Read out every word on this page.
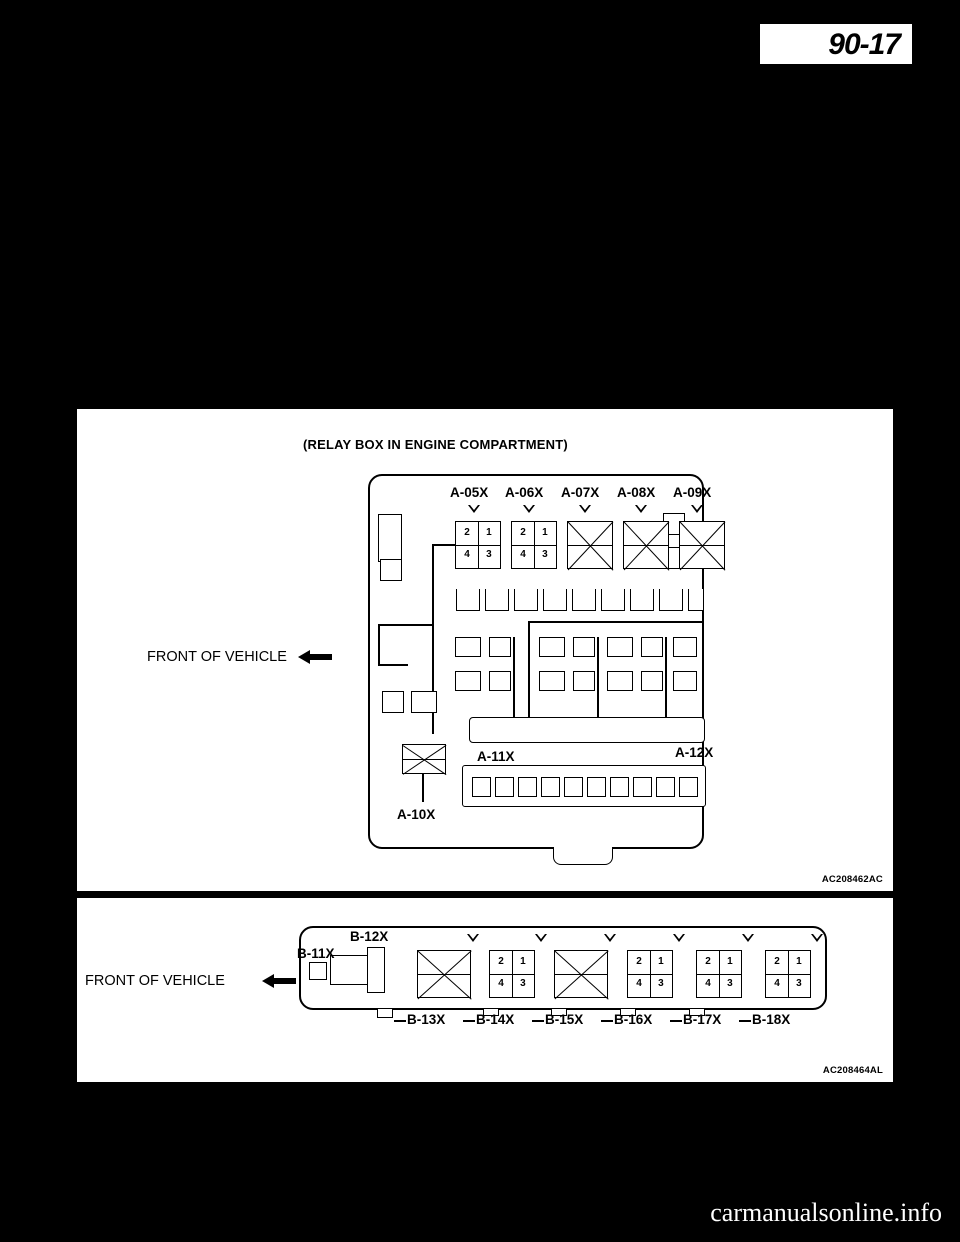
90-17
(RELAY BOX IN ENGINE COMPARTMENT)
FRONT OF VEHICLE
A-05X A-06X A-07X A-08X A-09X
2	1
4	3
2	1
4	3
A-11X
A-10X
A-12X
AC208462AC
FRONT OF VEHICLE
B-12X
B-11X
2	1
4	3
2	1
4	3
2	1
4	3
2	1
4	3
B-13X B-14X B-15X B-16X B-17X B-18X
AC208464AL
carmanualsonline.info
